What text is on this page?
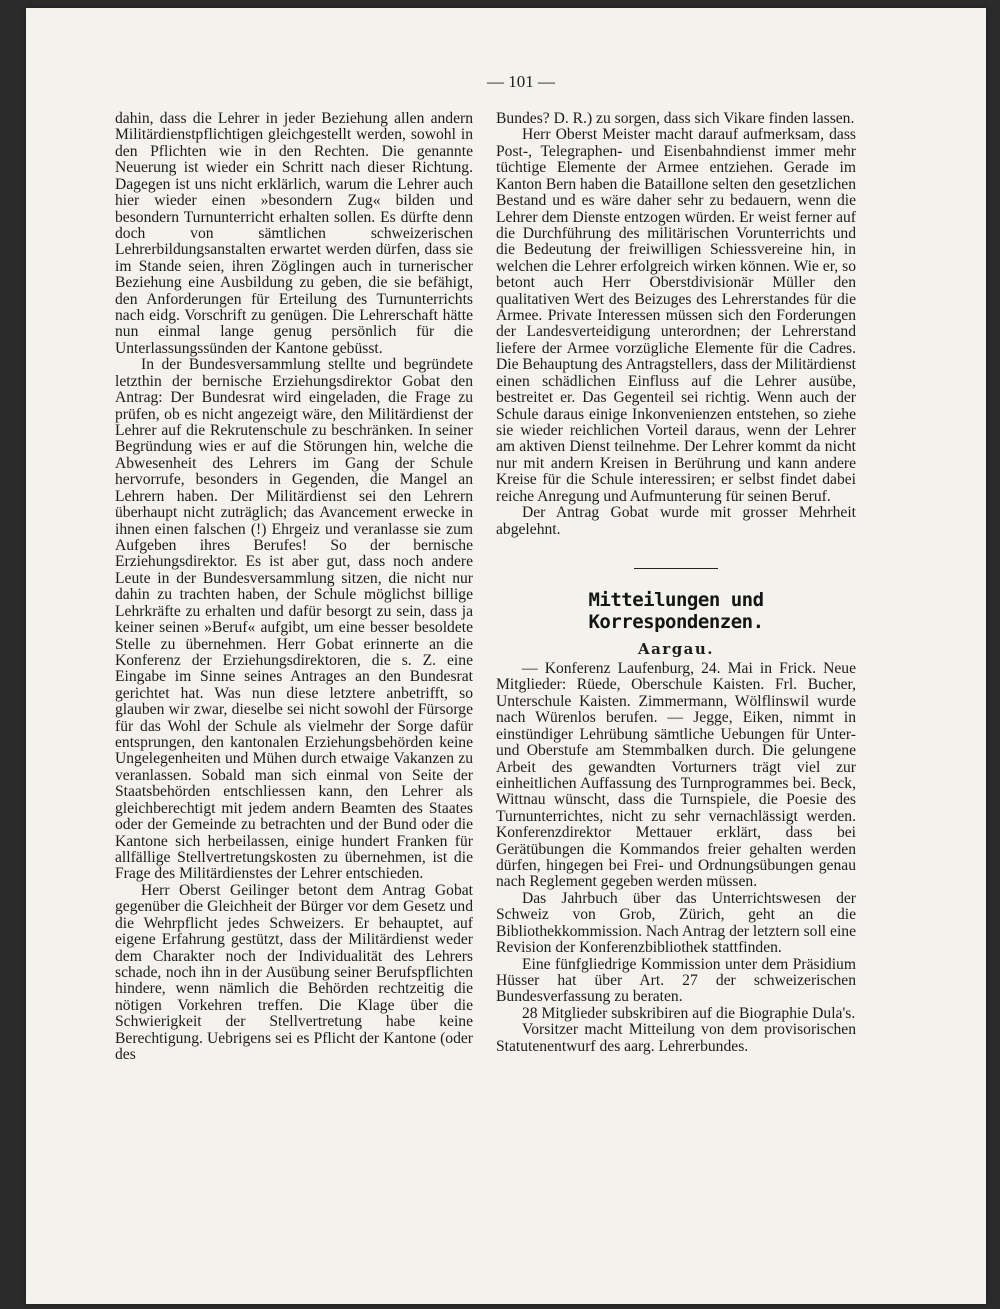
— 101 —

dahin, dass die Lehrer in jeder Beziehung allen andern Militärdienstpflichtigen gleichgestellt werden, sowohl in den Pflichten wie in den Rechten. Die genannte Neuerung ist wieder ein Schritt nach dieser Richtung. Dagegen ist uns nicht erklärlich, warum die Lehrer auch hier wieder einen »besondern Zug« bilden und besondern Turnunterricht erhalten sollen. Es dürfte denn doch von sämtlichen schweizerischen Lehrerbildungsanstalten erwartet werden dürfen, dass sie im Stande seien, ihren Zöglingen auch in turnerischer Beziehung eine Ausbildung zu geben, die sie befähigt, den Anforderungen für Erteilung des Turnunterrichts nach eidg. Vorschrift zu genügen. Die Lehrerschaft hätte nun einmal lange genug persönlich für die Unterlassungssünden der Kantone gebüsst.

In der Bundesversammlung stellte und begründete letzthin der bernische Erziehungsdirektor Gobat den Antrag: Der Bundesrat wird eingeladen, die Frage zu prüfen, ob es nicht angezeigt wäre, den Militärdienst der Lehrer auf die Rekrutenschule zu beschränken. In seiner Begründung wies er auf die Störungen hin, welche die Abwesenheit des Lehrers im Gang der Schule hervorrufe, besonders in Gegenden, die Mangel an Lehrern haben. Der Militärdienst sei den Lehrern überhaupt nicht zuträglich; das Avancement erwecke in ihnen einen falschen (!) Ehrgeiz und veranlasse sie zum Aufgeben ihres Berufes! So der bernische Erziehungsdirektor. Es ist aber gut, dass noch andere Leute in der Bundesversammlung sitzen, die nicht nur dahin zu trachten haben, der Schule möglichst billige Lehrkräfte zu erhalten und dafür besorgt zu sein, dass ja keiner seinen »Beruf« aufgibt, um eine besser besoldete Stelle zu übernehmen. Herr Gobat erinnerte an die Konferenz der Erziehungsdirektoren, die s. Z. eine Eingabe im Sinne seines Antrages an den Bundesrat gerichtet hat. Was nun diese letztere anbetrifft, so glauben wir zwar, dieselbe sei nicht sowohl der Fürsorge für das Wohl der Schule als vielmehr der Sorge dafür entsprungen, den kantonalen Erziehungsbehörden keine Ungelegenheiten und Mühen durch etwaige Vakanzen zu veranlassen. Sobald man sich einmal von Seite der Staatsbehörden entschliessen kann, den Lehrer als gleichberechtigt mit jedem andern Beamten des Staates oder der Gemeinde zu betrachten und der Bund oder die Kantone sich herbeilassen, einige hundert Franken für allfällige Stellvertretungskosten zu übernehmen, ist die Frage des Militärdienstes der Lehrer entschieden.

Herr Oberst Geilinger betont dem Antrag Gobat gegenüber die Gleichheit der Bürger vor dem Gesetz und die Wehrpflicht jedes Schweizers. Er behauptet, auf eigene Erfahrung gestützt, dass der Militärdienst weder dem Charakter noch der Individualität des Lehrers schade, noch ihn in der Ausübung seiner Berufspflichten hindere, wenn nämlich die Behörden rechtzeitig die nötigen Vorkehren treffen. Die Klage über die Schwierigkeit der Stellvertretung habe keine Berechtigung. Uebrigens sei es Pflicht der Kantone (oder des

Bundes? D. R.) zu sorgen, dass sich Vikare finden lassen.

Herr Oberst Meister macht darauf aufmerksam, dass Post-, Telegraphen- und Eisenbahndienst immer mehr tüchtige Elemente der Armee entziehen. Gerade im Kanton Bern haben die Bataillone selten den gesetzlichen Bestand und es wäre daher sehr zu bedauern, wenn die Lehrer dem Dienste entzogen würden. Er weist ferner auf die Durchführung des militärischen Vorunterrichts und die Bedeutung der freiwilligen Schiessvereine hin, in welchen die Lehrer erfolgreich wirken können. Wie er, so betont auch Herr Oberstdivisionär Müller den qualitativen Wert des Beizuges des Lehrerstandes für die Armee. Private Interessen müssen sich den Forderungen der Landesverteidigung unterordnen; der Lehrerstand liefere der Armee vorzügliche Elemente für die Cadres. Die Behauptung des Antragstellers, dass der Militärdienst einen schädlichen Einfluss auf die Lehrer ausübe, bestreitet er. Das Gegenteil sei richtig. Wenn auch der Schule daraus einige Inkonvenienzen entstehen, so ziehe sie wieder reichlichen Vorteil daraus, wenn der Lehrer am aktiven Dienst teilnehme. Der Lehrer kommt da nicht nur mit andern Kreisen in Berührung und kann andere Kreise für die Schule interessiren; er selbst findet dabei reiche Anregung und Aufmunterung für seinen Beruf.

Der Antrag Gobat wurde mit grosser Mehrheit abgelehnt.

Mitteilungen und Korrespondenzen.
Aargau.

— Konferenz Laufenburg, 24. Mai in Frick. Neue Mitglieder: Rüede, Oberschule Kaisten. Frl. Bucher, Unterschule Kaisten. Zimmermann, Wölflinswil wurde nach Würenlos berufen. — Jegge, Eiken, nimmt in einstündiger Lehrübung sämtliche Uebungen für Unter- und Oberstufe am Stemmbalken durch. Die gelungene Arbeit des gewandten Vorturners trägt viel zur einheitlichen Auffassung des Turnprogrammes bei. Beck, Wittnau wünscht, dass die Turnspiele, die Poesie des Turnunterrichtes, nicht zu sehr vernachlässigt werden. Konferenzdirektor Mettauer erklärt, dass bei Gerätübungen die Kommandos freier gehalten werden dürfen, hingegen bei Frei- und Ordnungsübungen genau nach Reglement gegeben werden müssen.

Das Jahrbuch über das Unterrichtswesen der Schweiz von Grob, Zürich, geht an die Bibliothekkommission. Nach Antrag der letztern soll eine Revision der Konferenzbibliothek stattfinden.

Eine fünfgliedrige Kommission unter dem Präsidium Hüsser hat über Art. 27 der schweizerischen Bundesverfassung zu beraten.

28 Mitglieder subskribiren auf die Biographie Dula's.

Vorsitzer macht Mitteilung von dem provisorischen Statutenentwurf des aarg. Lehrerbundes.
